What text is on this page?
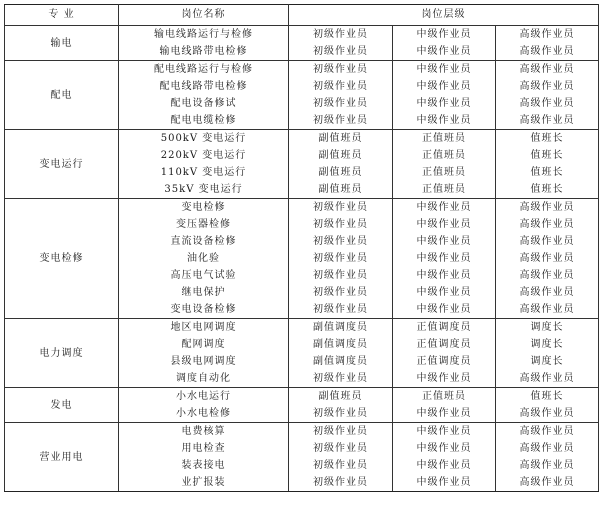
专 业	岗位名称	岗位层级		
输电	输电线路运行与检修	初级作业员	中级作业员	高级作业员
	输电线路带电检修	初级作业员	中级作业员	高级作业员
配电	配电线路运行与检修	初级作业员	中级作业员	高级作业员
	配电线路带电检修	初级作业员	中级作业员	高级作业员
	配电设备修试	初级作业员	中级作业员	高级作业员
	配电电缆检修	初级作业员	中级作业员	高级作业员
变电运行	500kV 变电运行	副值班员	正值班员	值班长
	220kV 变电运行	副值班员	正值班员	值班长
	110kV 变电运行	副值班员	正值班员	值班长
	35kV 变电运行	副值班员	正值班员	值班长
变电检修	变电检修	初级作业员	中级作业员	高级作业员
	变压器检修	初级作业员	中级作业员	高级作业员
	直流设备检修	初级作业员	中级作业员	高级作业员
	油化验	初级作业员	中级作业员	高级作业员
	高压电气试验	初级作业员	中级作业员	高级作业员
	继电保护	初级作业员	中级作业员	高级作业员
	变电设备检修	初级作业员	中级作业员	高级作业员
电力调度	地区电网调度	副值调度员	正值调度员	调度长
	配网调度	副值调度员	正值调度员	调度长
	县级电网调度	副值调度员	正值调度员	调度长
	调度自动化	初级作业员	中级作业员	高级作业员
发电	小水电运行	副值班员	正值班员	值班长
	小水电检修	初级作业员	中级作业员	高级作业员
营业用电	电费核算	初级作业员	中级作业员	高级作业员
	用电检查	初级作业员	中级作业员	高级作业员
	装表接电	初级作业员	中级作业员	高级作业员
	业扩报装	初级作业员	中级作业员	高级作业员
